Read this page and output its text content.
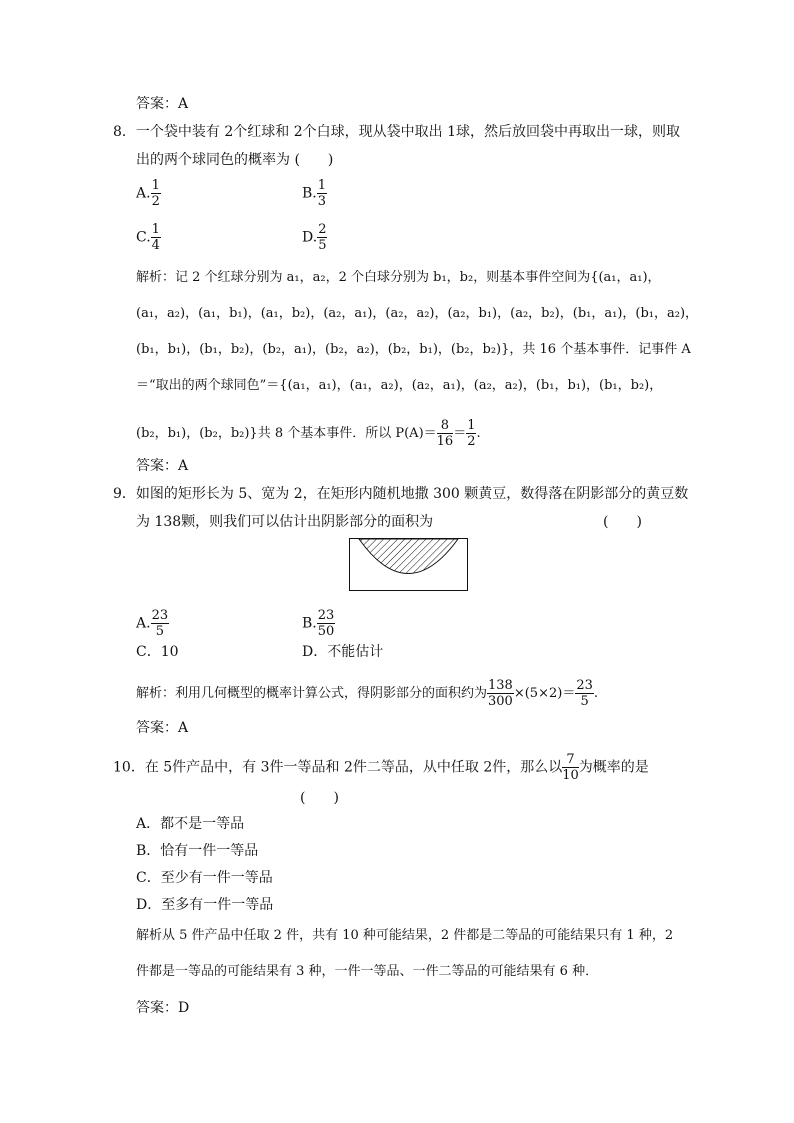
答案：A
8．一个袋中装有 2个红球和 2个白球，现从袋中取出 1球，然后放回袋中再取出一球，则取
出的两个球同色的概率为 (　　)
A. $\frac{1}{2}$	B. $\frac{1}{3}$
C. $\frac{1}{4}$	D. $\frac{2}{5}$
解析：记 2 个红球分别为 a₁，a₂，2 个白球分别为 b₁，b₂，则基本事件空间为{(a₁，a₁)，
(a₁，a₂)，(a₁，b₁)，(a₁，b₂)，(a₂，a₁)，(a₂，a₂)，(a₂，b₁)，(a₂，b₂)，(b₁，a₁)，(b₁，a₂)，
(b₁，b₁)，(b₁，b₂)，(b₂，a₁)，(b₂，a₂)，(b₂，b₁)，(b₂，b₂)}，共 16 个基本事件．记事件 A
＝“取出的两个球同色”＝{(a₁，a₁)，(a₁，a₂)，(a₂，a₁)，(a₂，a₂)，(b₁，b₁)，(b₁，b₂)，
(b₂，b₁)，(b₂，b₂)}共 8 个基本事件．所以 $P(A)= \frac{8}{16} = \frac{1}{2}$ .
答案：A
9．如图的矩形长为 5、宽为 2，在矩形内随机地撒 300 颗黄豆，数得落在阴影部分的黄豆数
为 138颗，则我们可以估计出阴影部分的面积为	(　　)
A. $\frac{23}{5}$	B. $\frac{23}{50}$
C．10	D．不能估计
解析：利用几何概型的概率计算公式，得阴影部分的面积约为 $\frac{138}{300} \times(5\times 2)= \frac{23}{5}$ .
答案：A
10．在 5件产品中，有 3件一等品和 2件二等品，从中任取 2件，那么以 $\frac{7}{10}$ 为概率的是
(　　)
A．都不是一等品
B．恰有一件一等品
C．至少有一件一等品
D．至多有一件一等品
解析从 5 件产品中任取 2 件，共有 10 种可能结果，2 件都是二等品的可能结果只有 1 种，2
件都是一等品的可能结果有 3 种，一件一等品、一件二等品的可能结果有 6 种．
答案：D
